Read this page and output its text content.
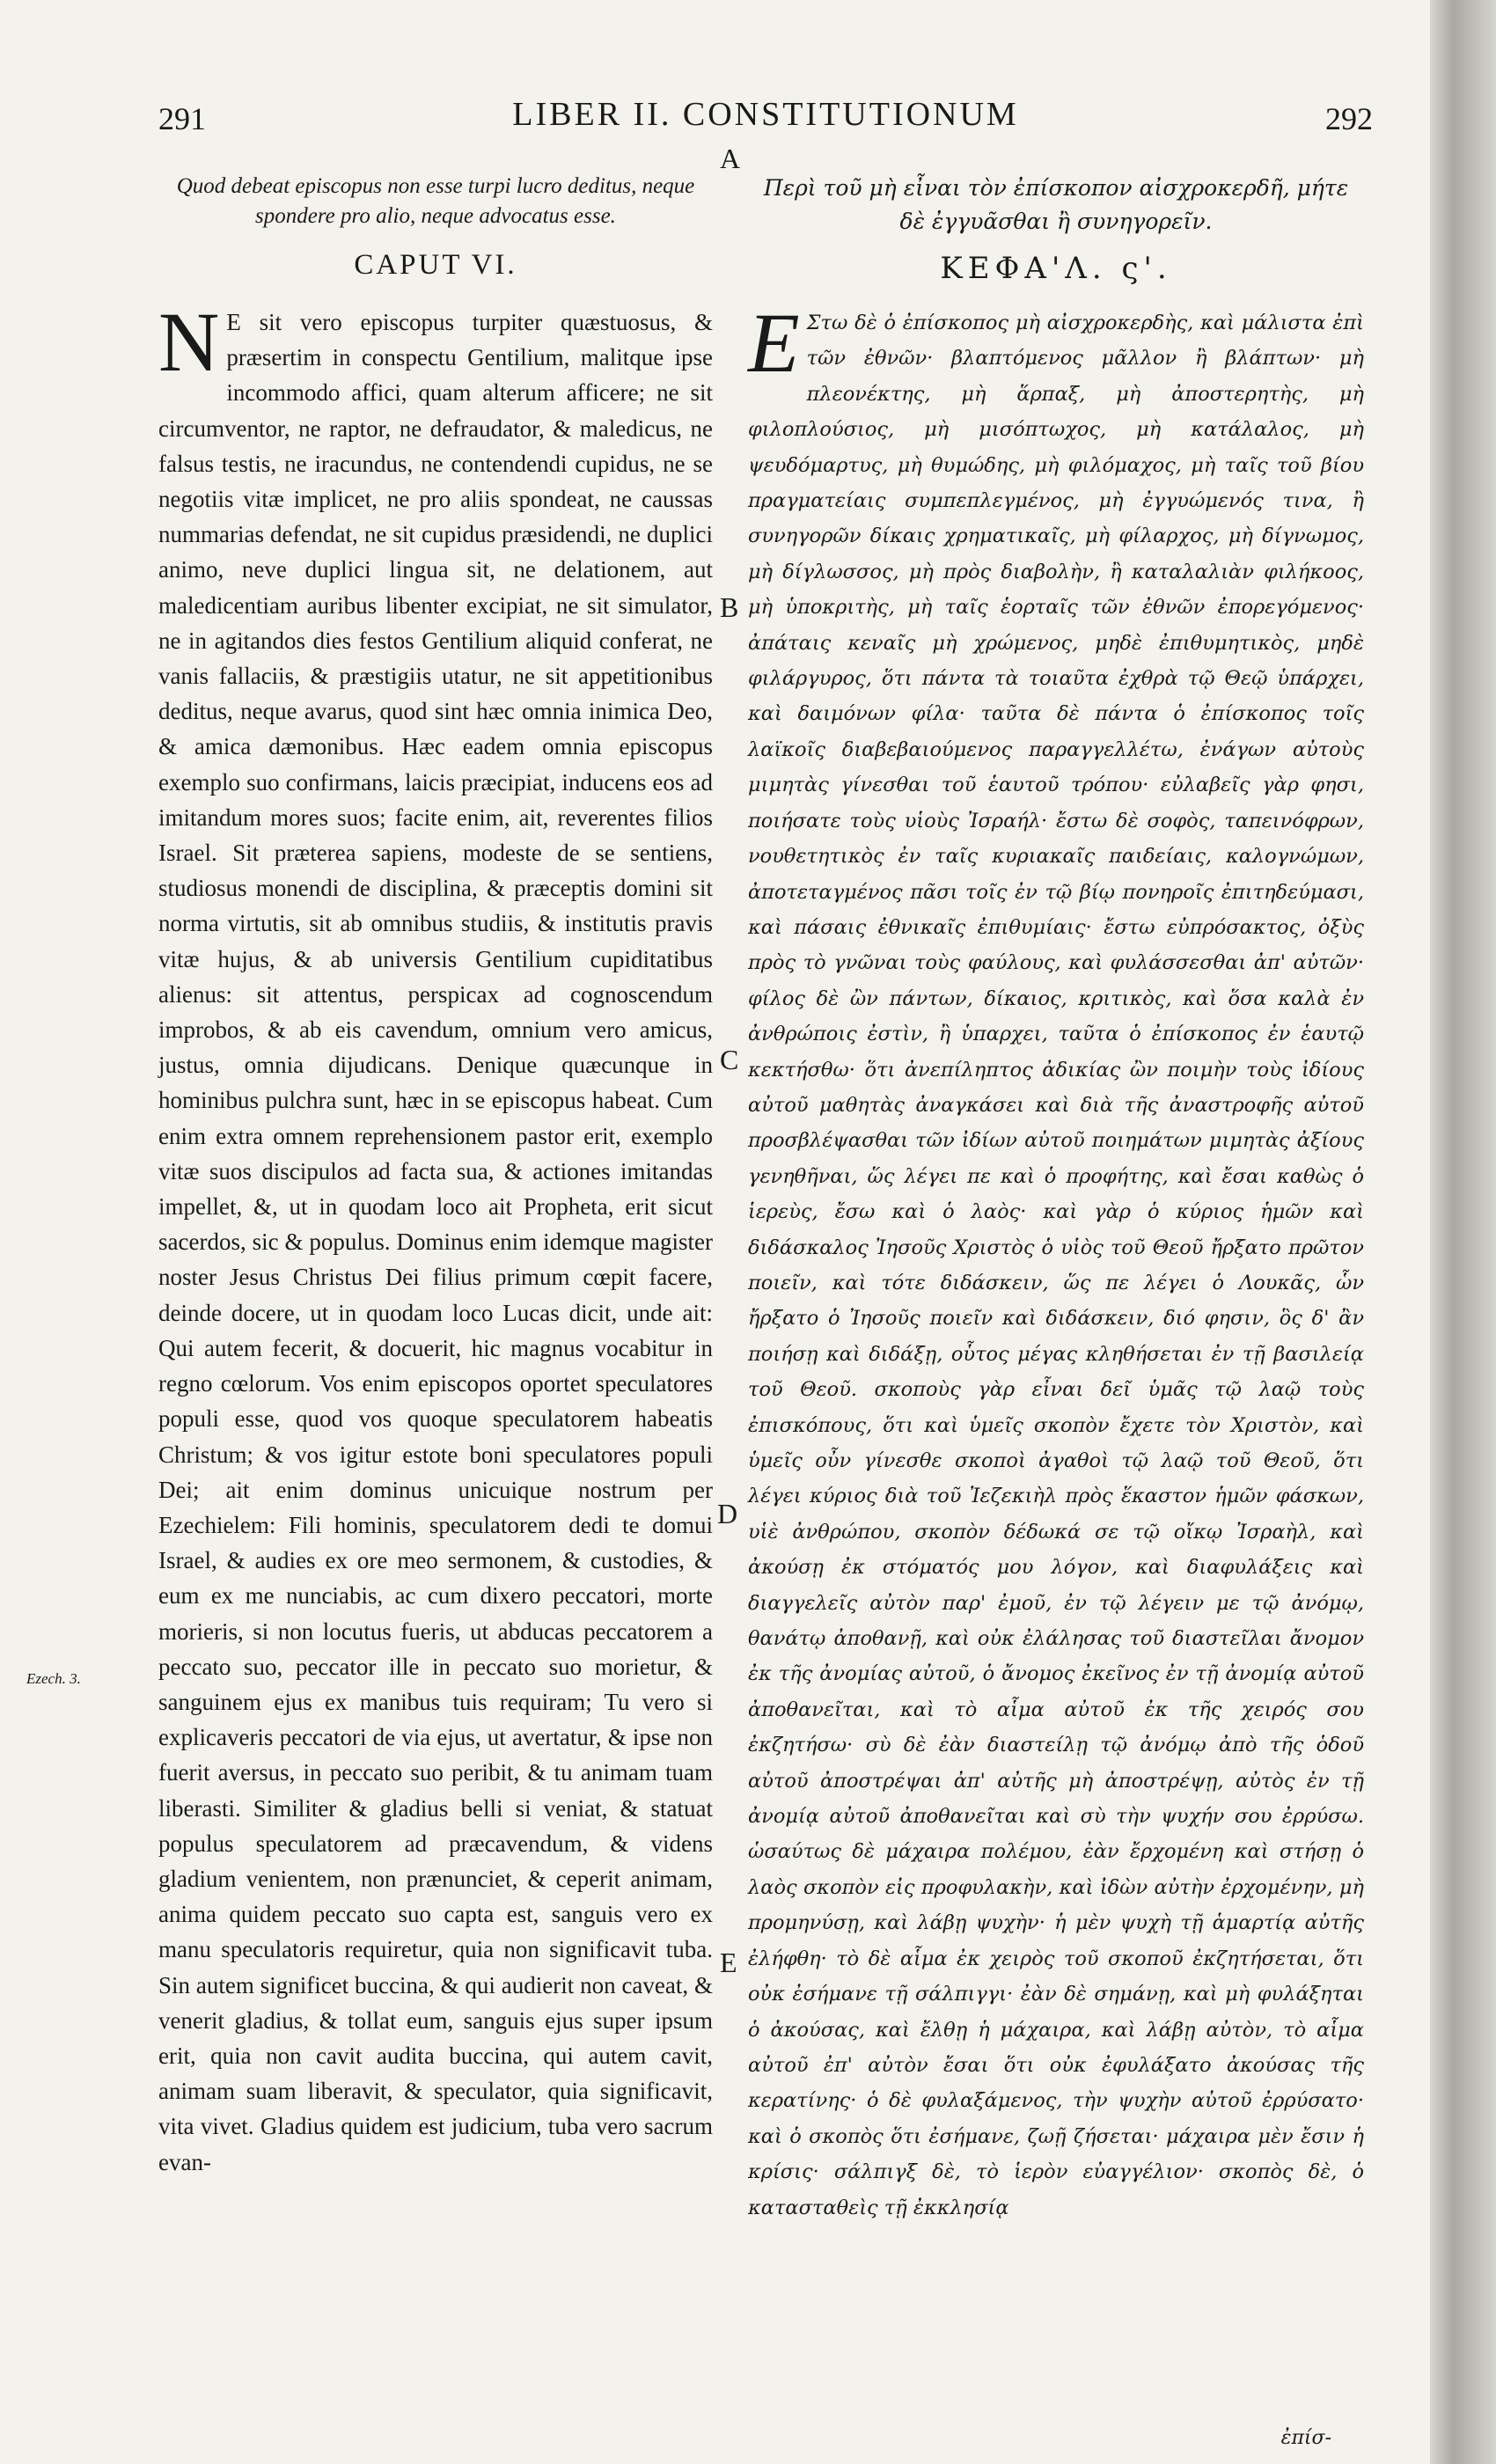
291	LIBER II. CONSTITUTIONUM	292

Quod debeat episcopus non esse turpi lucro deditus, neque spondere pro alio, neque advocatus esse.

CAPUT VI.

N E sit vero episcopus turpiter quæstuosus, & præsertim in conspectu Gentilium, malitque ipse incommodo affici, quam alterum afficere; ne sit circumventor, ne raptor, ne defraudator, & maledicus, ne falsus testis, ne iracundus, ne contendendi cupidus, ne se negotiis vitæ implicet, ne pro aliis spondeat, ne caussas nummarias defendat, ne sit cupidus præsidendi, ne duplici animo, neve duplici lingua sit, ne delationem, aut maledicentiam auribus libenter excipiat, ne sit simulator, ne in agitandos dies festos Gentilium aliquid conferat, ne vanis fallaciis, & præstigiis utatur, ne sit appetitionibus deditus, neque avarus, quod sint hæc omnia inimica Deo, & amica dæmonibus. Hæc eadem omnia episcopus exemplo suo confirmans, laicis præcipiat, inducens eos ad imitandum mores suos; facite enim, ait, reverentes filios Israel. Sit præterea sapiens, modeste de se sentiens, studiosus monendi de disciplina, & præceptis domini sit norma virtutis, sit ab omnibus studiis, & institutis pravis vitæ hujus, & ab universis Gentilium cupiditatibus alienus: sit attentus, perspicax ad cognoscendum improbos, & ab eis cavendum, omnium vero amicus, justus, omnia dijudicans. Denique quæcunque in hominibus pulchra sunt, hæc in se episcopus habeat. Cum enim extra omnem reprehensionem pastor erit, exemplo vitæ suos discipulos ad facta sua, & actiones imitandas impellet, &, ut in quodam loco ait Propheta, erit sicut sacerdos, sic & populus. Dominus enim idemque magister noster Jesus Christus Dei filius primum cœpit facere, deinde docere, ut in quodam loco Lucas dicit, unde ait: Qui autem fecerit, & docuerit, hic magnus vocabitur in regno cœlorum. Vos enim episcopos oportet speculatores populi esse, quod vos quoque speculatorem habeatis Christum; & vos igitur estote boni speculatores populi Dei; ait enim dominus unicuique nostrum per Ezechielem: Fili hominis, speculatorem dedi te domui Israel, & audies ex ore meo sermonem, & custodies, & eum ex me nunciabis, ac cum dixero peccatori, morte morieris, si non locutus fueris, ut abducas peccatorem a peccato suo, peccator ille in peccato suo morietur, & sanguinem ejus ex manibus tuis requiram; Tu vero si explicaveris peccatori de via ejus, ut avertatur, & ipse non fuerit aversus, in peccato suo peribit, & tu animam tuam liberasti. Similiter & gladius belli si veniat, & statuat populus speculatorem ad præcavendum, & videns gladium venientem, non prænunciet, & ceperit animam, anima quidem peccato suo capta est, sanguis vero ex manu speculatoris requiretur, quia non significavit tuba. Sin autem significet buccina, & qui audierit non caveat, & venerit gladius, & tollat eum, sanguis ejus super ipsum erit, quia non cavit audita buccina, qui autem cavit, animam suam liberavit, & speculator, quia significavit, vita vivet. Gladius quidem est judicium, tuba vero sacrum evan-

Περὶ τοῦ μὴ εἶναι τὸν ἐπίσκοπον αἰσχροκερδῆ, μήτε δὲ ἐγγυᾶσθαι ἢ συνηγορεῖν.

ΚΕΦΑ'Λ. ς'.

Ε Στω δὲ ὁ ἐπίσκοπος μὴ αἰσχροκερδὴς, καὶ μάλιστα ἐπὶ τῶν ἐθνῶν· βλαπτόμενος μᾶλλον ἢ βλάπτων· μὴ πλεονέκτης, μὴ ἅρπαξ, μὴ ἀποστερητὴς, μὴ φιλοπλούσιος, μὴ μισόπτωχος, μὴ κατάλαλος, μὴ ψευδόμαρτυς, μὴ θυμώδης, μὴ φιλόμαχος, μὴ ταῖς τοῦ βίου πραγματείαις συμπεπλεγμένος, μὴ ἐγγυώμενός τινα, ἢ συνηγορῶν δίκαις χρηματικαῖς, μὴ φίλαρχος, μὴ δίγνωμος, μὴ δίγλωσσος, μὴ πρὸς διαβολὴν, ἢ καταλαλιὰν φιλήκοος, μὴ ὑποκριτὴς, μὴ ταῖς ἑορταῖς τῶν ἐθνῶν ἐπορεγόμενος· ἀπάταις κεναῖς μὴ χρώμενος, μηδὲ ἐπιθυμητικὸς, μηδὲ φιλάργυρος, ὅτι πάντα τὰ τοιαῦτα ἐχθρὰ τῷ Θεῷ ὑπάρχει, καὶ δαιμόνων φίλα· ταῦτα δὲ πάντα ὁ ἐπίσκοπος τοῖς λαϊκοῖς διαβεβαιούμενος παραγγελλέτω, ἐνάγων αὐτοὺς μιμητὰς γίνεσθαι τοῦ ἑαυτοῦ τρόπου· εὐλαβεῖς γὰρ φησι, ποιήσατε τοὺς υἱοὺς Ἰσραήλ· ἔστω δὲ σοφὸς, ταπεινόφρων, νουθετητικὸς ἐν ταῖς κυριακαῖς παιδείαις, καλογνώμων, ἀποτεταγμένος πᾶσι τοῖς ἐν τῷ βίῳ πονηροῖς ἐπιτηδεύμασι, καὶ πάσαις ἐθνικαῖς ἐπιθυμίαις· ἔστω εὐπρόσακτος, ὀξὺς πρὸς τὸ γνῶναι τοὺς φαύλους, καὶ φυλάσσεσθαι ἀπ' αὐτῶν· φίλος δὲ ὢν πάντων, δίκαιος, κριτικὸς, καὶ ὅσα καλὰ ἐν ἀνθρώποις ἐστὶν, ἢ ὑπαρχει, ταῦτα ὁ ἐπίσκοπος ἐν ἑαυτῷ κεκτήσθω· ὅτι ἀνεπίληπτος ἀδικίας ὢν ποιμὴν τοὺς ἰδίους αὐτοῦ μαθητὰς ἀναγκάσει καὶ διὰ τῆς ἀναστροφῆς αὐτοῦ προσβλέψασθαι τῶν ἰδίων αὐτοῦ ποιημάτων μιμητὰς ἀξίους γενηθῆναι, ὥς λέγει πε καὶ ὁ προφήτης, καὶ ἔσαι καθὼς ὁ ἱερεὺς, ἔσω καὶ ὁ λαὸς· καὶ γὰρ ὁ κύριος ἡμῶν καὶ διδάσκαλος Ἰησοῦς Χριστὸς ὁ υἱὸς τοῦ Θεοῦ ἤρξατο πρῶτον ποιεῖν, καὶ τότε διδάσκειν, ὥς πε λέγει ὁ Λουκᾶς, ὧν ἤρξατο ὁ Ἰησοῦς ποιεῖν καὶ διδάσκειν, διό φησιν, ὃς δ' ἂν ποιήσῃ καὶ διδάξῃ, οὗτος μέγας κληθήσεται ἐν τῇ βασιλείᾳ τοῦ Θεοῦ. σκοποὺς γὰρ εἶναι δεῖ ὑμᾶς τῷ λαῷ τοὺς ἐπισκόπους, ὅτι καὶ ὑμεῖς σκοπὸν ἔχετε τὸν Χριστὸν, καὶ ὑμεῖς οὖν γίνεσθε σκοποὶ ἀγαθοὶ τῷ λαῷ τοῦ Θεοῦ, ὅτι λέγει κύριος διὰ τοῦ Ἰεζεκιὴλ πρὸς ἕκαστον ἡμῶν φάσκων, υἱὲ ἀνθρώπου, σκοπὸν δέδωκά σε τῷ οἴκῳ Ἰσραὴλ, καὶ ἀκούσῃ ἐκ στόματός μου λόγον, καὶ διαφυλάξεις καὶ διαγγελεῖς αὐτὸν παρ' ἐμοῦ, ἐν τῷ λέγειν με τῷ ἀνόμῳ, θανάτῳ ἀποθανῇ, καὶ οὐκ ἐλάλησας τοῦ διαστεῖλαι ἄνομον ἐκ τῆς ἀνομίας αὐτοῦ, ὁ ἄνομος ἐκεῖνος ἐν τῇ ἀνομίᾳ αὐτοῦ ἀποθανεῖται, καὶ τὸ αἷμα αὐτοῦ ἐκ τῆς χειρός σου ἐκζητήσω· σὺ δὲ ἐὰν διαστείλῃ τῷ ἀνόμῳ ἀπὸ τῆς ὁδοῦ αὐτοῦ ἀποστρέψαι ἀπ' αὐτῆς μὴ ἀποστρέψῃ, αὐτὸς ἐν τῇ ἀνομίᾳ αὐτοῦ ἀποθανεῖται καὶ σὺ τὴν ψυχήν σου ἐρρύσω. ὡσαύτως δὲ μάχαιρα πολέμου, ἐὰν ἔρχομένη καὶ στήσῃ ὁ λαὸς σκοπὸν εἰς προφυλακὴν, καὶ ἰδὼν αὐτὴν ἐρχομένην, μὴ προμηνύσῃ, καὶ λάβῃ ψυχὴν· ἡ μὲν ψυχὴ τῇ ἁμαρτίᾳ αὐτῆς ἐλήφθη· τὸ δὲ αἷμα ἐκ χειρὸς τοῦ σκοποῦ ἐκζητήσεται, ὅτι οὐκ ἐσήμανε τῇ σάλπιγγι· ἐὰν δὲ σημάνῃ, καὶ μὴ φυλάξηται ὁ ἀκούσας, καὶ ἔλθῃ ἡ μάχαιρα, καὶ λάβῃ αὐτὸν, τὸ αἷμα αὐτοῦ ἐπ' αὐτὸν ἔσαι ὅτι οὐκ ἐφυλάξατο ἀκούσας τῆς κερατίνης· ὁ δὲ φυλαξάμενος, τὴν ψυχὴν αὐτοῦ ἐρρύσατο· καὶ ὁ σκοπὸς ὅτι ἐσήμανε, ζωῇ ζήσεται· μάχαιρα μὲν ἔσιν ἡ κρίσις· σάλπιγξ δὲ, τὸ ἱερὸν εὐαγγέλιον· σκοπὸς δὲ, ὁ κατασταθεὶς τῇ ἐκκλησίᾳ

A
B
C
D
E
Ezech. 3.
ἐπίσ-
